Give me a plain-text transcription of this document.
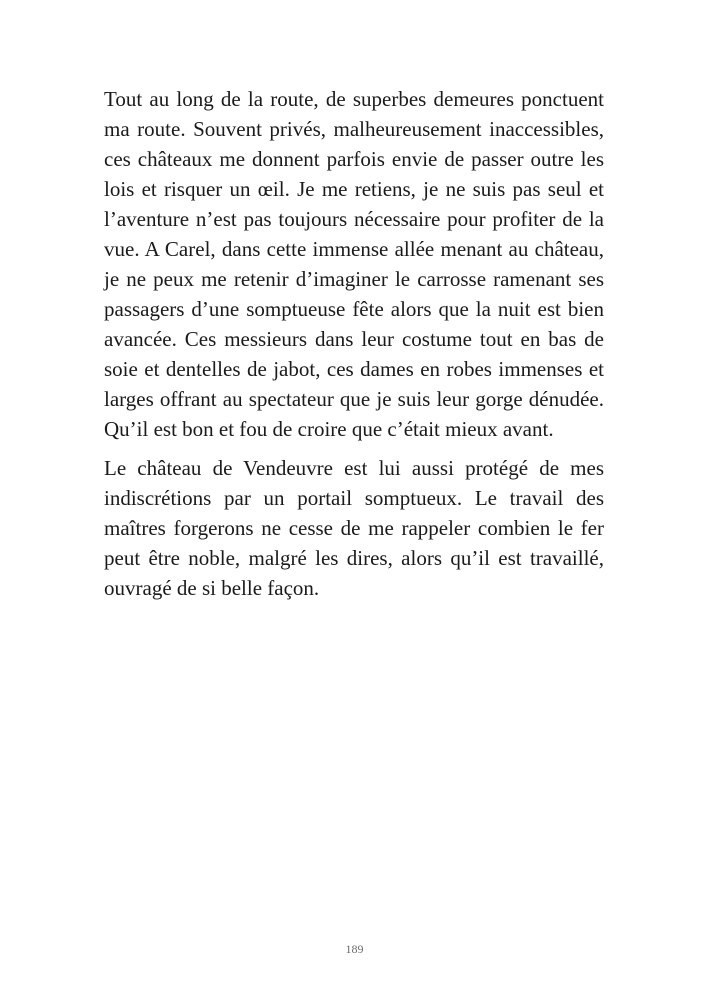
Tout au long de la route, de superbes demeures ponctuent ma route. Souvent privés, malheureusement inaccessibles, ces châteaux me donnent parfois envie de passer outre les lois et risquer un œil. Je me retiens, je ne suis pas seul et l’aventure n’est pas toujours nécessaire pour profiter de la vue. A Carel, dans cette immense allée menant au château, je ne peux me retenir d’imaginer le carrosse ramenant ses passagers d’une somptueuse fête alors que la nuit est bien avancée. Ces messieurs dans leur costume tout en bas de soie et dentelles de jabot, ces dames en robes immenses et larges offrant au spectateur que je suis leur gorge dénudée. Qu’il est bon et fou de croire que c’était mieux avant.

Le château de Vendeuvre est lui aussi protégé de mes indiscrétions par un portail somptueux. Le travail des maîtres forgerons ne cesse de me rappeler combien le fer peut être noble, malgré les dires, alors qu’il est travaillé, ouvragé de si belle façon.

189
